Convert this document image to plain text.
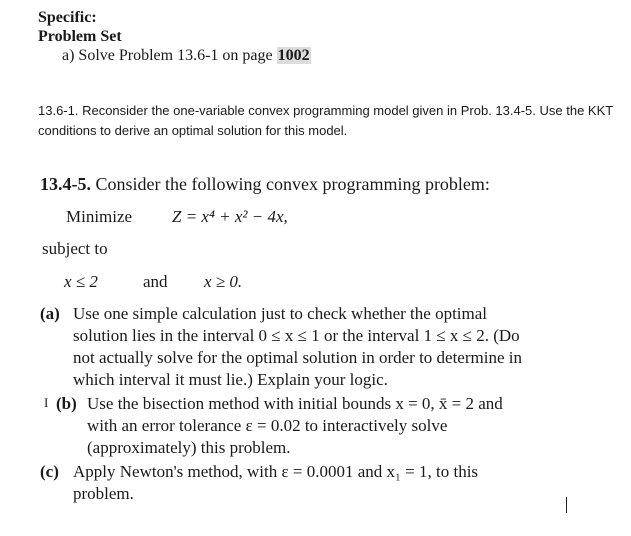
Specific:
Problem Set
a) Solve Problem 13.6-1 on page 1002
13.6-1. Reconsider the one-variable convex programming model given in Prob. 13.4-5. Use the KKT conditions to derive an optimal solution for this model.
13.4-5. Consider the following convex programming problem:
Minimize Z = x⁴ + x² − 4x,
subject to
x ≤ 2	and x ≥ 0.
(a) Use one simple calculation just to check whether the optimal solution lies in the interval 0 ≤ x ≤ 1 or the interval 1 ≤ x ≤ 2. (Do not actually solve for the optimal solution in order to determine in which interval it must lie.) Explain your logic.
I (b) Use the bisection method with initial bounds x = 0, x̄ = 2 and with an error tolerance ε = 0.02 to interactively solve (approximately) this problem.
(c) Apply Newton's method, with ε = 0.0001 and x₁ = 1, to this problem.
